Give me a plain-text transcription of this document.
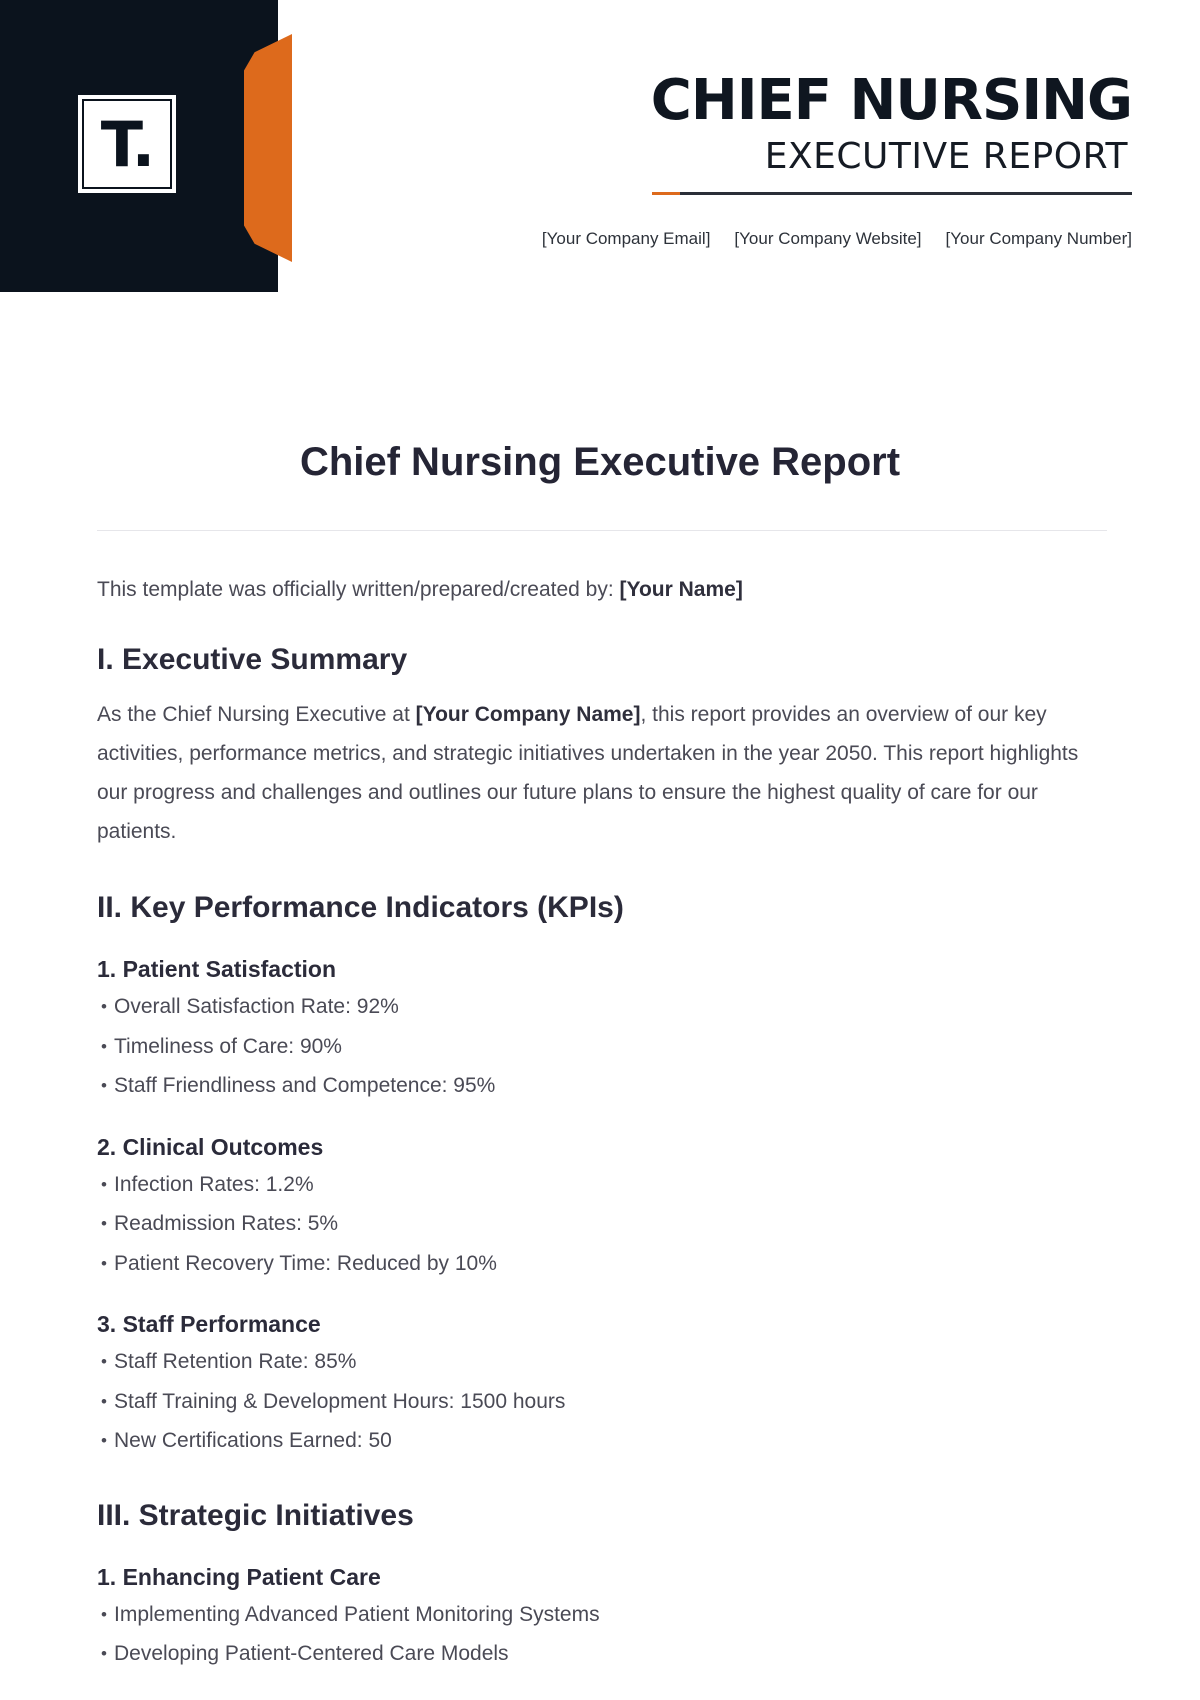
T.
CHIEF NURSING
EXECUTIVE REPORT
[Your Company Email] [Your Company Website] [Your Company Number]
Chief Nursing Executive Report

This template was officially written/prepared/created by: [Your Name]

I. Executive Summary

As the Chief Nursing Executive at [Your Company Name], this report provides an overview of our key activities, performance metrics, and strategic initiatives undertaken in the year 2050. This report highlights our progress and challenges and outlines our future plans to ensure the highest quality of care for our patients.

II. Key Performance Indicators (KPIs)
1. Patient Satisfaction
• Overall Satisfaction Rate: 92%
• Timeliness of Care: 90%
• Staff Friendliness and Competence: 95%
2. Clinical Outcomes
• Infection Rates: 1.2%
• Readmission Rates: 5%
• Patient Recovery Time: Reduced by 10%
3. Staff Performance
• Staff Retention Rate: 85%
• Staff Training & Development Hours: 1500 hours
• New Certifications Earned: 50
III. Strategic Initiatives
1. Enhancing Patient Care
• Implementing Advanced Patient Monitoring Systems
• Developing Patient-Centered Care Models
